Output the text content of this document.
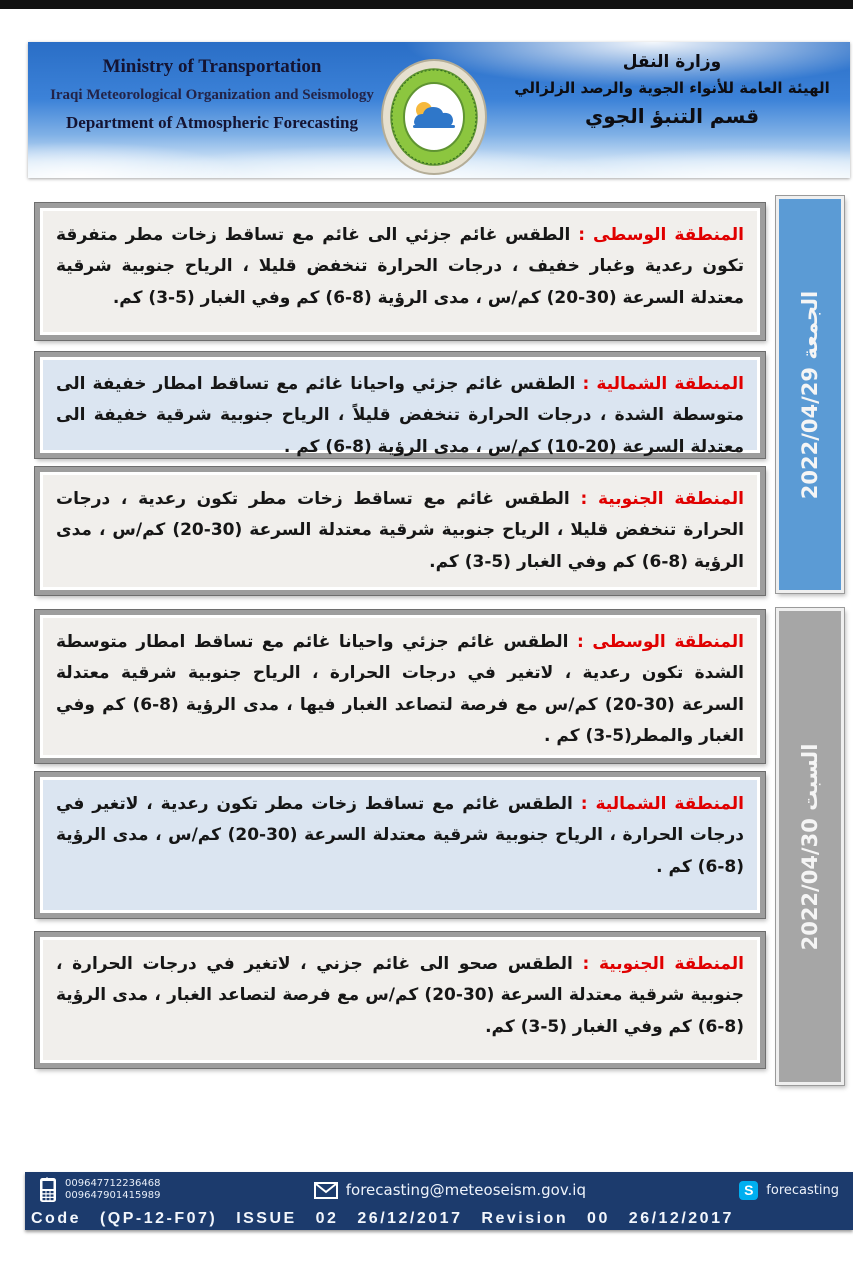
Ministry of Transportation
Iraqi Meteorological Organization and Seismology
Department of Atmospheric Forecasting
وزارة النقل
الهيئة العامة للأنواء الجوية والرصد الزلزالي
قسم التنبؤ الجوي

المنطقة الوسطى : الطقس غائم جزئي الى غائم مع تساقط زخات مطر متفرقة تكون رعدية وغبار خفيف ، درجات الحرارة تنخفض قليلا ، الرياح جنوبية شرقية معتدلة السرعة (30-20) كم/س ، مدى الرؤية (8-6) كم وفي الغبار (5-3) كم.

المنطقة الشمالية : الطقس غائم جزئي واحيانا غائم مع تساقط امطار خفيفة الى متوسطة الشدة ، درجات الحرارة تنخفض قليلاً ، الرياح جنوبية شرقية خفيفة الى معتدلة السرعة (20-10) كم/س ، مدى الرؤية (8-6) كم .

المنطقة الجنوبية : الطقس غائم مع تساقط زخات مطر تكون رعدية ، درجات الحرارة تنخفض قليلا ، الرياح جنوبية شرقية معتدلة السرعة (30-20) كم/س ، مدى الرؤية (8-6) كم وفي الغبار (5-3) كم.

المنطقة الوسطى : الطقس غائم جزئي واحيانا غائم مع تساقط امطار متوسطة الشدة تكون رعدية ، لاتغير في درجات الحرارة ، الرياح جنوبية شرقية معتدلة السرعة (30-20) كم/س مع فرصة لتصاعد الغبار فيها ، مدى الرؤية (8-6) كم وفي الغبار والمطر(5-3) كم .

المنطقة الشمالية : الطقس غائم مع تساقط زخات مطر تكون رعدية ، لاتغير في درجات الحرارة ، الرياح جنوبية شرقية معتدلة السرعة (30-20) كم/س ، مدى الرؤية (8-6) كم .

المنطقة الجنوبية : الطقس صحو الى غائم جزني ، لاتغير في درجات الحرارة ، جنوبية شرقية معتدلة السرعة (30-20) كم/س مع فرصة لتصاعد الغبار ، مدى الرؤية (8-6) كم وفي الغبار (5-3) كم.

الجمعة 2022/04/29
السبت 2022/04/30
009647712236468
009647901415989	forecasting@meteoseism.gov.iq	S forecasting
Code (QP-12-F07) ISSUE 02 26/12/2017 Revision 00 26/12/2017
